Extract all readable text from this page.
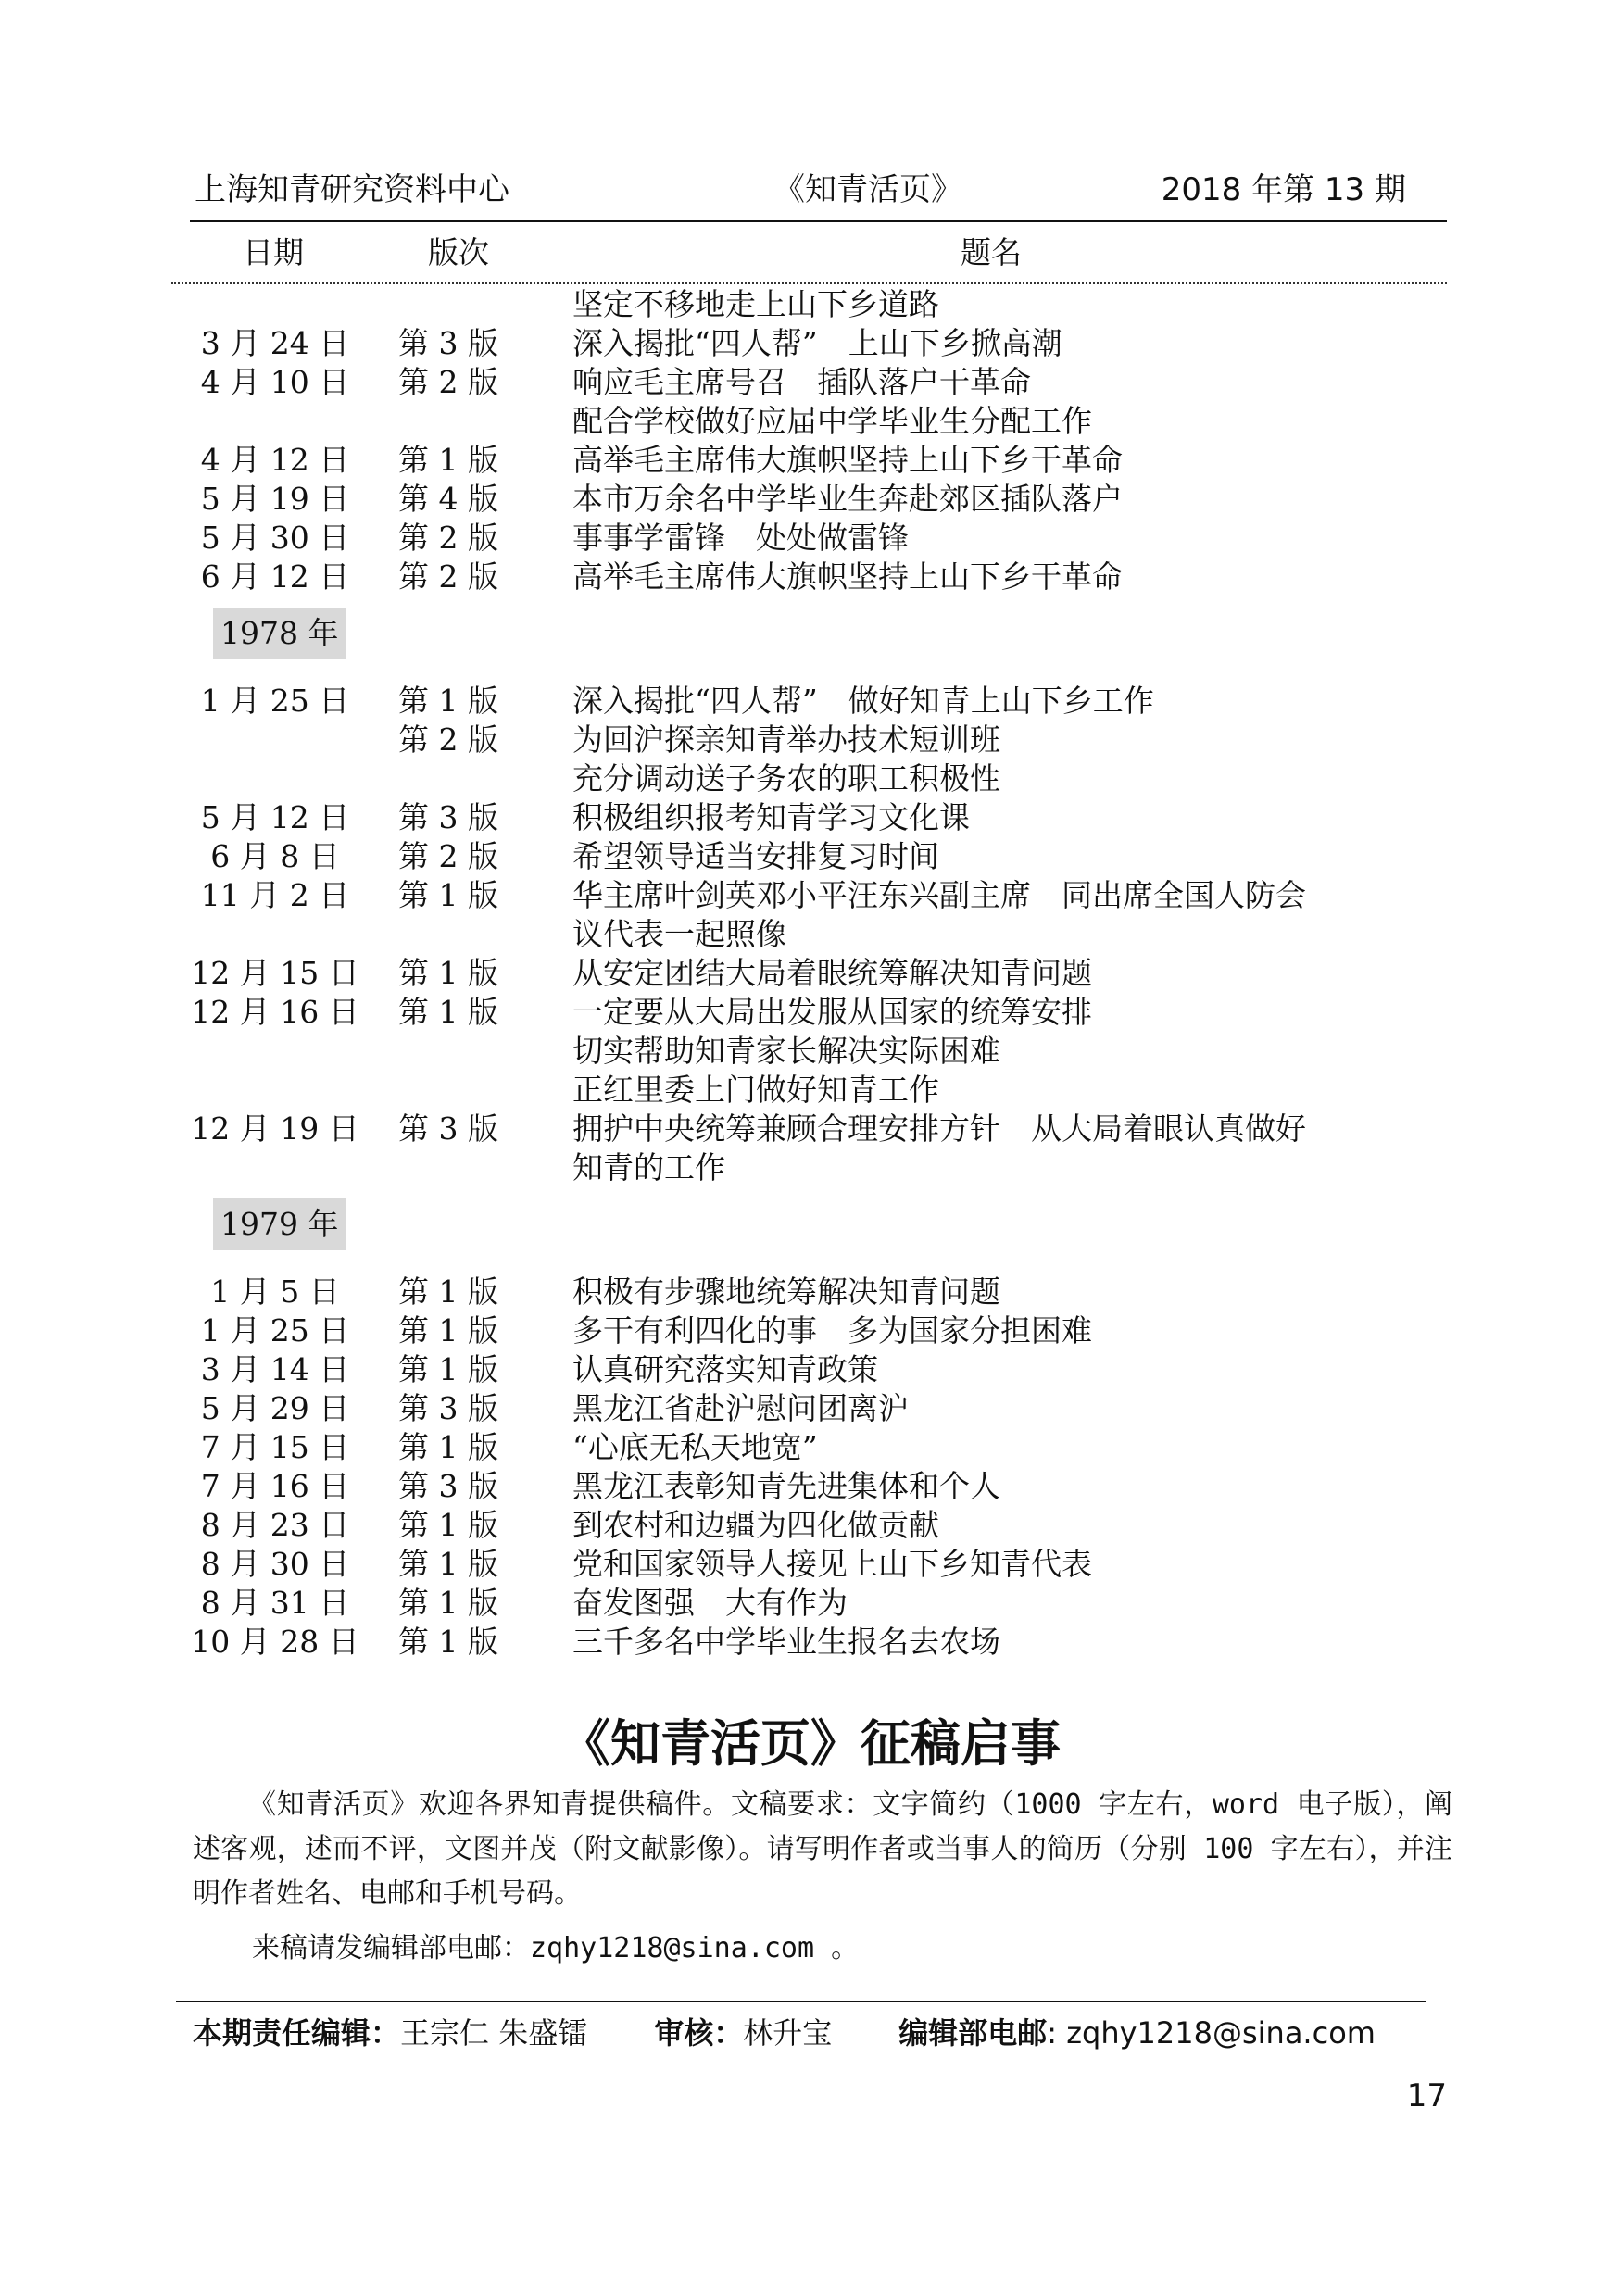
上海知青研究资料中心	《知青活页》	2018 年第 13 期
日期	版次	题名
坚定不移地走上山下乡道路
3 月 24 日	第 3 版	深入揭批“四人帮”　上山下乡掀高潮
4 月 10 日	第 2 版	响应毛主席号召　插队落户干革命
配合学校做好应届中学毕业生分配工作
4 月 12 日	第 1 版	高举毛主席伟大旗帜坚持上山下乡干革命
5 月 19 日	第 4 版	本市万余名中学毕业生奔赴郊区插队落户
5 月 30 日	第 2 版	事事学雷锋　处处做雷锋
6 月 12 日	第 2 版	高举毛主席伟大旗帜坚持上山下乡干革命
1978 年
1 月 25 日	第 1 版	深入揭批“四人帮”　做好知青上山下乡工作
第 2 版	为回沪探亲知青举办技术短训班
充分调动送子务农的职工积极性
5 月 12 日	第 3 版	积极组织报考知青学习文化课
6 月 8 日	第 2 版	希望领导适当安排复习时间
11 月 2 日	第 1 版	华主席叶剑英邓小平汪东兴副主席　同出席全国人防会
议代表一起照像
12 月 15 日	第 1 版	从安定团结大局着眼统筹解决知青问题
12 月 16 日	第 1 版	一定要从大局出发服从国家的统筹安排
切实帮助知青家长解决实际困难
正红里委上门做好知青工作
12 月 19 日	第 3 版	拥护中央统筹兼顾合理安排方针　从大局着眼认真做好
知青的工作
1979 年
1 月 5 日	第 1 版	积极有步骤地统筹解决知青问题
1 月 25 日	第 1 版	多干有利四化的事　多为国家分担困难
3 月 14 日	第 1 版	认真研究落实知青政策
5 月 29 日	第 3 版	黑龙江省赴沪慰问团离沪
7 月 15 日	第 1 版	“心底无私天地宽”
7 月 16 日	第 3 版	黑龙江表彰知青先进集体和个人
8 月 23 日	第 1 版	到农村和边疆为四化做贡献
8 月 30 日	第 1 版	党和国家领导人接见上山下乡知青代表
8 月 31 日	第 1 版	奋发图强　大有作为
10 月 28 日	第 1 版	三千多名中学毕业生报名去农场
《知青活页》征稿启事

《知青活页》欢迎各界知青提供稿件。文稿要求：文字简约（1000 字左右，word 电子版），阐述客观，述而不评，文图并茂（附文献影像）。请写明作者或当事人的简历（分别 100 字左右），并注明作者姓名、电邮和手机号码。

来稿请发编辑部电邮：zqhy1218@sina.com 。
本期责任编辑：王宗仁 朱盛镭 审核：林升宝 编辑部电邮: zqhy1218@sina.com
17
